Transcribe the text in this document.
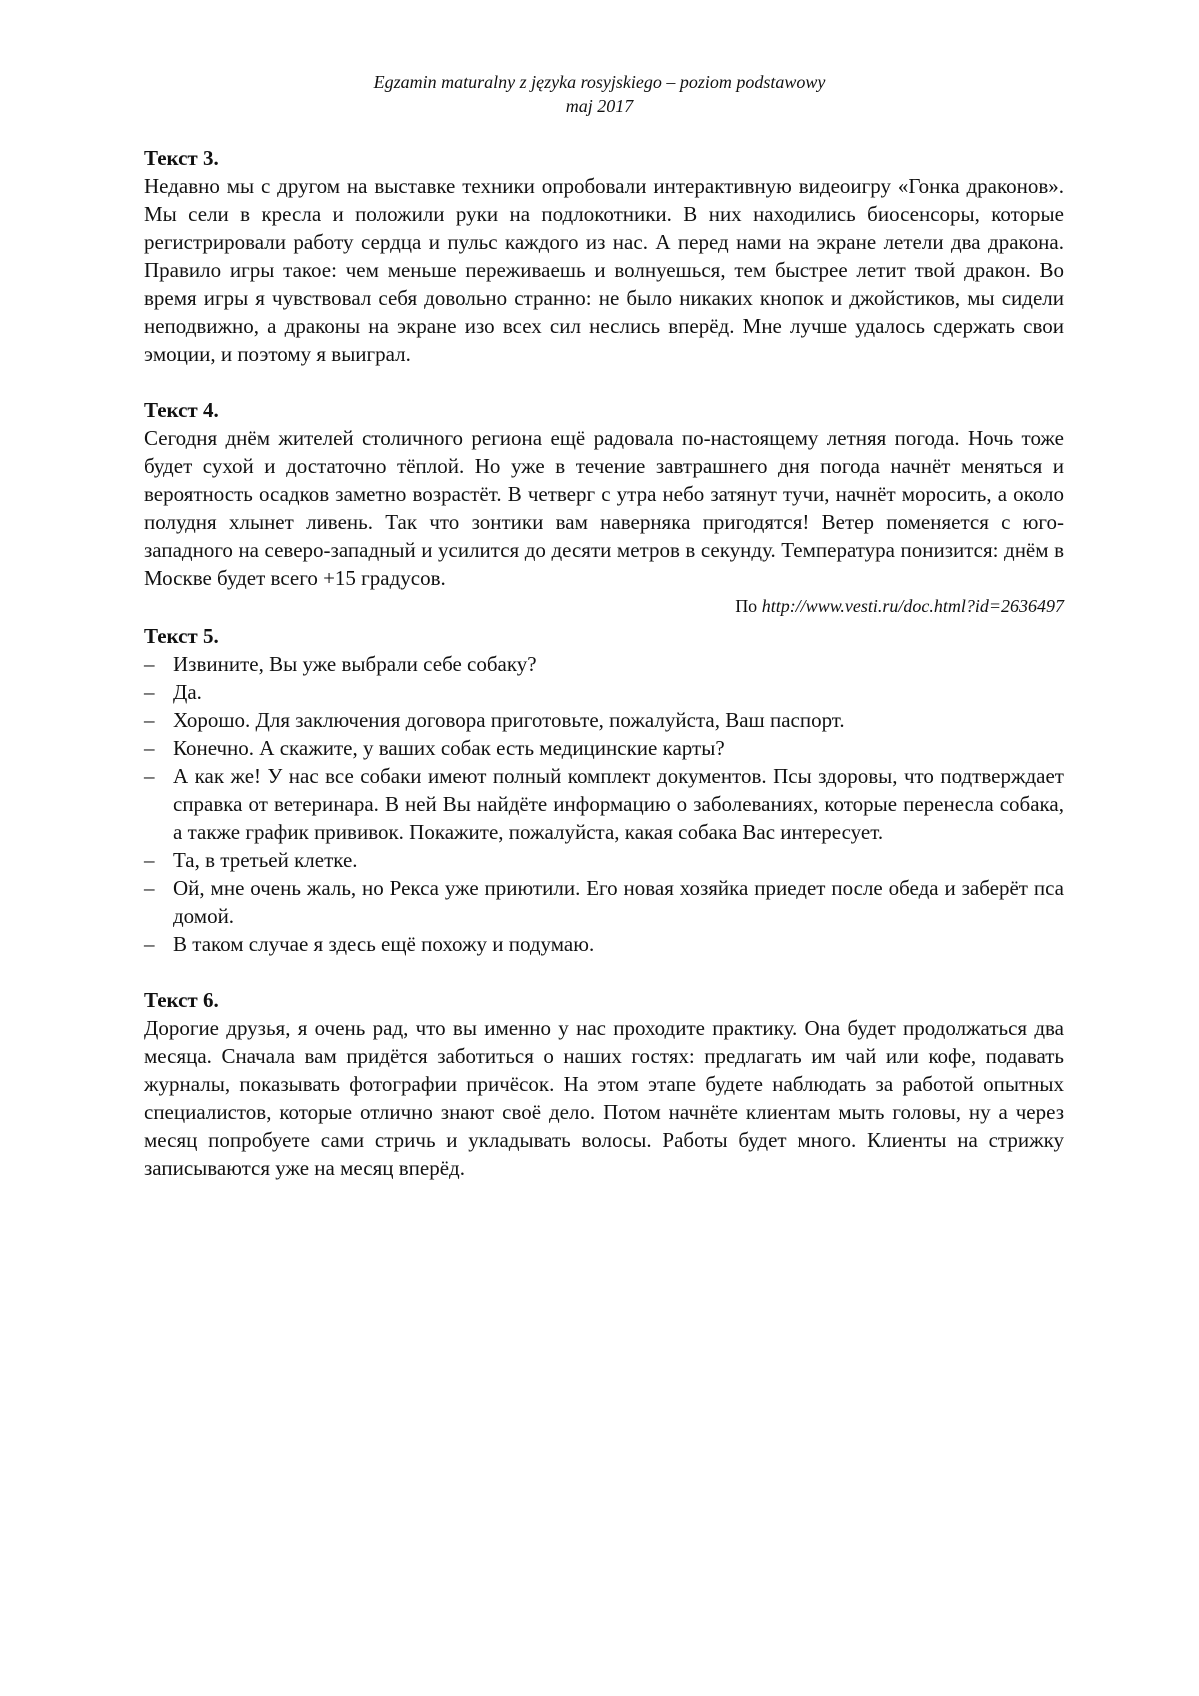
Egzamin maturalny z języka rosyjskiego – poziom podstawowy
maj 2017
Текст 3.
Недавно мы с другом на выставке техники опробовали интерактивную видеоигру «Гонка драконов». Мы сели в кресла и положили руки на подлокотники. В них находились биосенсоры, которые регистрировали работу сердца и пульс каждого из нас. А перед нами на экране летели два дракона. Правило игры такое: чем меньше переживаешь и волнуешься, тем быстрее летит твой дракон. Во время игры я чувствовал себя довольно странно: не было никаких кнопок и джойстиков, мы сидели неподвижно, а драконы на экране изо всех сил неслись вперёд. Мне лучше удалось сдержать свои эмоции, и поэтому я выиграл.
Текст 4.
Сегодня днём жителей столичного региона ещё радовала по-настоящему летняя погода. Ночь тоже будет сухой и достаточно тёплой. Но уже в течение завтрашнего дня погода начнёт меняться и вероятность осадков заметно возрастёт. В четверг с утра небо затянут тучи, начнёт моросить, а около полудня хлынет ливень. Так что зонтики вам наверняка пригодятся! Ветер поменяется с юго-западного на северо-западный и усилится до десяти метров в секунду. Температура понизится: днём в Москве будет всего +15 градусов.
По http://www.vesti.ru/doc.html?id=2636497
Текст 5.
– Извините, Вы уже выбрали себе собаку?
– Да.
– Хорошо. Для заключения договора приготовьте, пожалуйста, Ваш паспорт.
– Конечно. А скажите, у ваших собак есть медицинские карты?
– А как же! У нас все собаки имеют полный комплект документов. Псы здоровы, что подтверждает справка от ветеринара. В ней Вы найдёте информацию о заболеваниях, которые перенесла собака, а также график прививок. Покажите, пожалуйста, какая собака Вас интересует.
– Та, в третьей клетке.
– Ой, мне очень жаль, но Рекса уже приютили. Его новая хозяйка приедет после обеда и заберёт пса домой.
– В таком случае я здесь ещё похожу и подумаю.
Текст 6.
Дорогие друзья, я очень рад, что вы именно у нас проходите практику. Она будет продолжаться два месяца. Сначала вам придётся заботиться о наших гостях: предлагать им чай или кофе, подавать журналы, показывать фотографии причёсок. На этом этапе будете наблюдать за работой опытных специалистов, которые отлично знают своё дело. Потом начнёте клиентам мыть головы, ну а через месяц попробуете сами стричь и укладывать волосы. Работы будет много. Клиенты на стрижку записываются уже на месяц вперёд.
